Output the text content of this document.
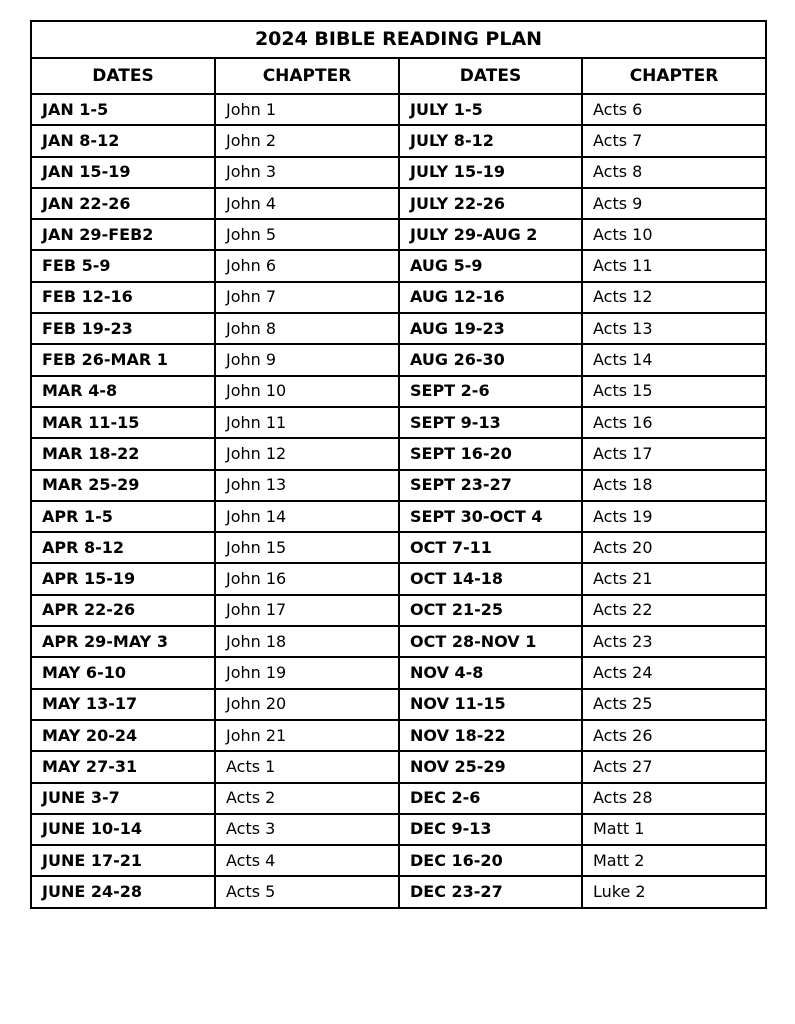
2024 BIBLE READING PLAN			
DATES	CHAPTER	DATES	CHAPTER
JAN 1-5	John 1	JULY 1-5	Acts 6
JAN 8-12	John 2	JULY 8-12	Acts 7
JAN 15-19	John 3	JULY 15-19	Acts 8
JAN 22-26	John 4	JULY 22-26	Acts 9
JAN 29-FEB2	John 5	JULY 29-AUG 2	Acts 10
FEB 5-9	John 6	AUG 5-9	Acts 11
FEB 12-16	John 7	AUG 12-16	Acts 12
FEB 19-23	John 8	AUG 19-23	Acts 13
FEB 26-MAR 1	John 9	AUG 26-30	Acts 14
MAR 4-8	John 10	SEPT 2-6	Acts 15
MAR 11-15	John 11	SEPT 9-13	Acts 16
MAR 18-22	John 12	SEPT 16-20	Acts 17
MAR 25-29	John 13	SEPT 23-27	Acts 18
APR 1-5	John 14	SEPT 30-OCT 4	Acts 19
APR 8-12	John 15	OCT 7-11	Acts 20
APR 15-19	John 16	OCT 14-18	Acts 21
APR 22-26	John 17	OCT 21-25	Acts 22
APR 29-MAY 3	John 18	OCT 28-NOV 1	Acts 23
MAY 6-10	John 19	NOV 4-8	Acts 24
MAY 13-17	John 20	NOV 11-15	Acts 25
MAY 20-24	John 21	NOV 18-22	Acts 26
MAY 27-31	Acts 1	NOV 25-29	Acts 27
JUNE 3-7	Acts 2	DEC 2-6	Acts 28
JUNE 10-14	Acts 3	DEC 9-13	Matt 1
JUNE 17-21	Acts 4	DEC 16-20	Matt 2
JUNE 24-28	Acts 5	DEC 23-27	Luke 2
